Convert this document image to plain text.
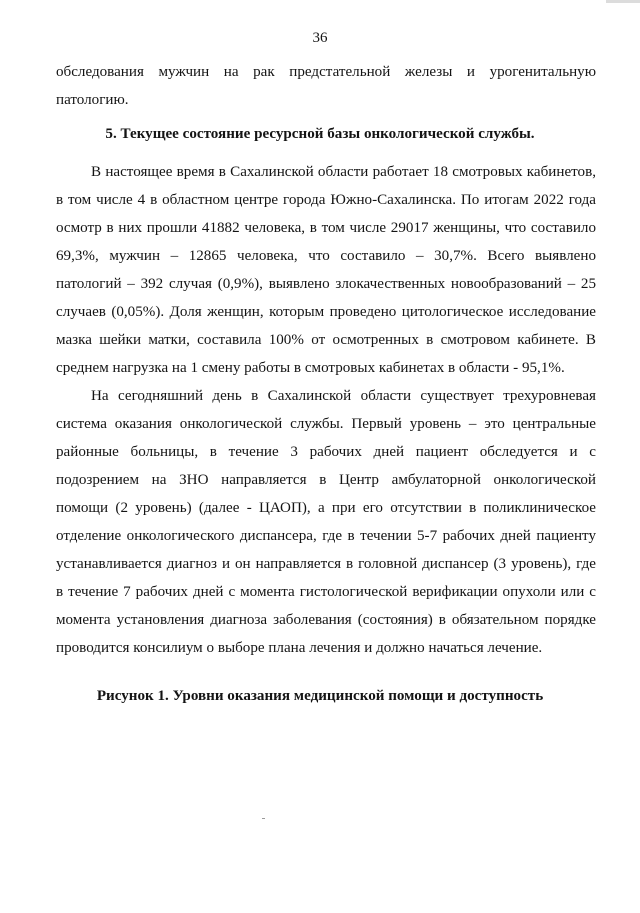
36
обследования мужчин на рак предстательной железы и урогенитальную
патологию.
5. Текущее состояние ресурсной базы онкологической службы.
В настоящее время в Сахалинской области работает 18 смотровых кабинетов,
в том числе 4 в областном центре города Южно-Сахалинска. По итогам 2022 года
осмотр в них прошли 41882 человека, в том числе 29017 женщины, что составило
69,3%, мужчин – 12865 человека, что составило – 30,7%. Всего выявлено
патологий – 392 случая (0,9%), выявлено злокачественных новообразований – 25
случаев (0,05%). Доля женщин, которым проведено цитологическое исследование
мазка шейки матки, составила 100% от осмотренных в смотровом кабинете. В
среднем нагрузка на 1 смену работы в смотровых кабинетах в области - 95,1%.
На сегодняшний день в Сахалинской области существует трехуровневая
система оказания онкологической службы. Первый уровень – это центральные
районные больницы, в течение 3 рабочих дней пациент обследуется и с
подозрением на ЗНО направляется в Центр амбулаторной онкологической
помощи (2 уровень) (далее - ЦАОП), а при его отсутствии в поликлиническое
отделение онкологического диспансера, где в течении 5-7 рабочих дней пациенту
устанавливается диагноз и он направляется в головной диспансер (3 уровень), где
в течение 7 рабочих дней с момента гистологической верификации опухоли или с
момента установления диагноза заболевания (состояния) в обязательном порядке
проводится консилиум о выборе плана лечения и должно начаться лечение.
Рисунок 1. Уровни оказания медицинской помощи и доступность
